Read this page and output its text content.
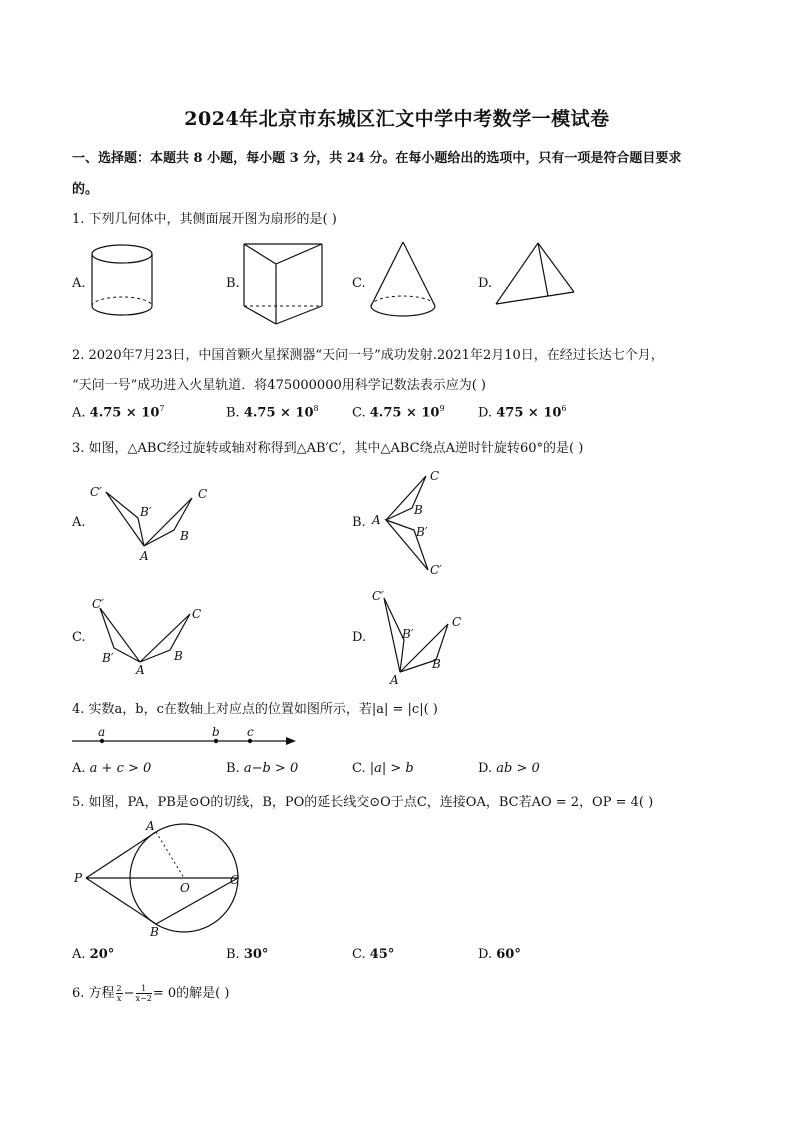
2024年北京市东城区汇文中学中考数学一模试卷
一、选择题：本题共 8 小题，每小题 3 分，共 24 分。在每小题给出的选项中，只有一项是符合题目要求
的。
1. 下列几何体中，其侧面展开图为扇形的是( )
A.	B.	C.	D.
2. 2020年7月23日，中国首颗火星探测器“天问一号”成功发射.2021年2月10日，在经过长达七个月，
“天问一号”成功进入火星轨道．将475000000用科学记数法表示应为( )
A. $4.75 \times 10^7$	B. $4.75 \times 10^8$	C. $4.75 \times 10^9$	D. $475 \times 10^6$
3. 如图，△ABC经过旋转或轴对称得到△AB′C′，其中△ABC绕点A逆时针旋转60°的是( )
A.
C′
B′
C
B
A
B. A
C
B
B′
C′
C.
C′
B′
A
C
B
D.
C′
B′
C
B
A
4. 实数a，b，c在数轴上对应点的位置如图所示，若|a| = |c|( )
a	b c
A. a + c > 0	B. a−b > 0	C. |a| > b	D. ab > 0
5. 如图，PA，PB是⊙O的切线，B，PO的延长线交⊙O于点C，连接OA，BC若AO = 2，OP = 4( )
P
A
B
O
C
A. 20°	B. 30°	C. 45°	D. 60°
6. 方程 $\frac{2}{x} - \frac{1}{x-2} = 0$的解是( )
